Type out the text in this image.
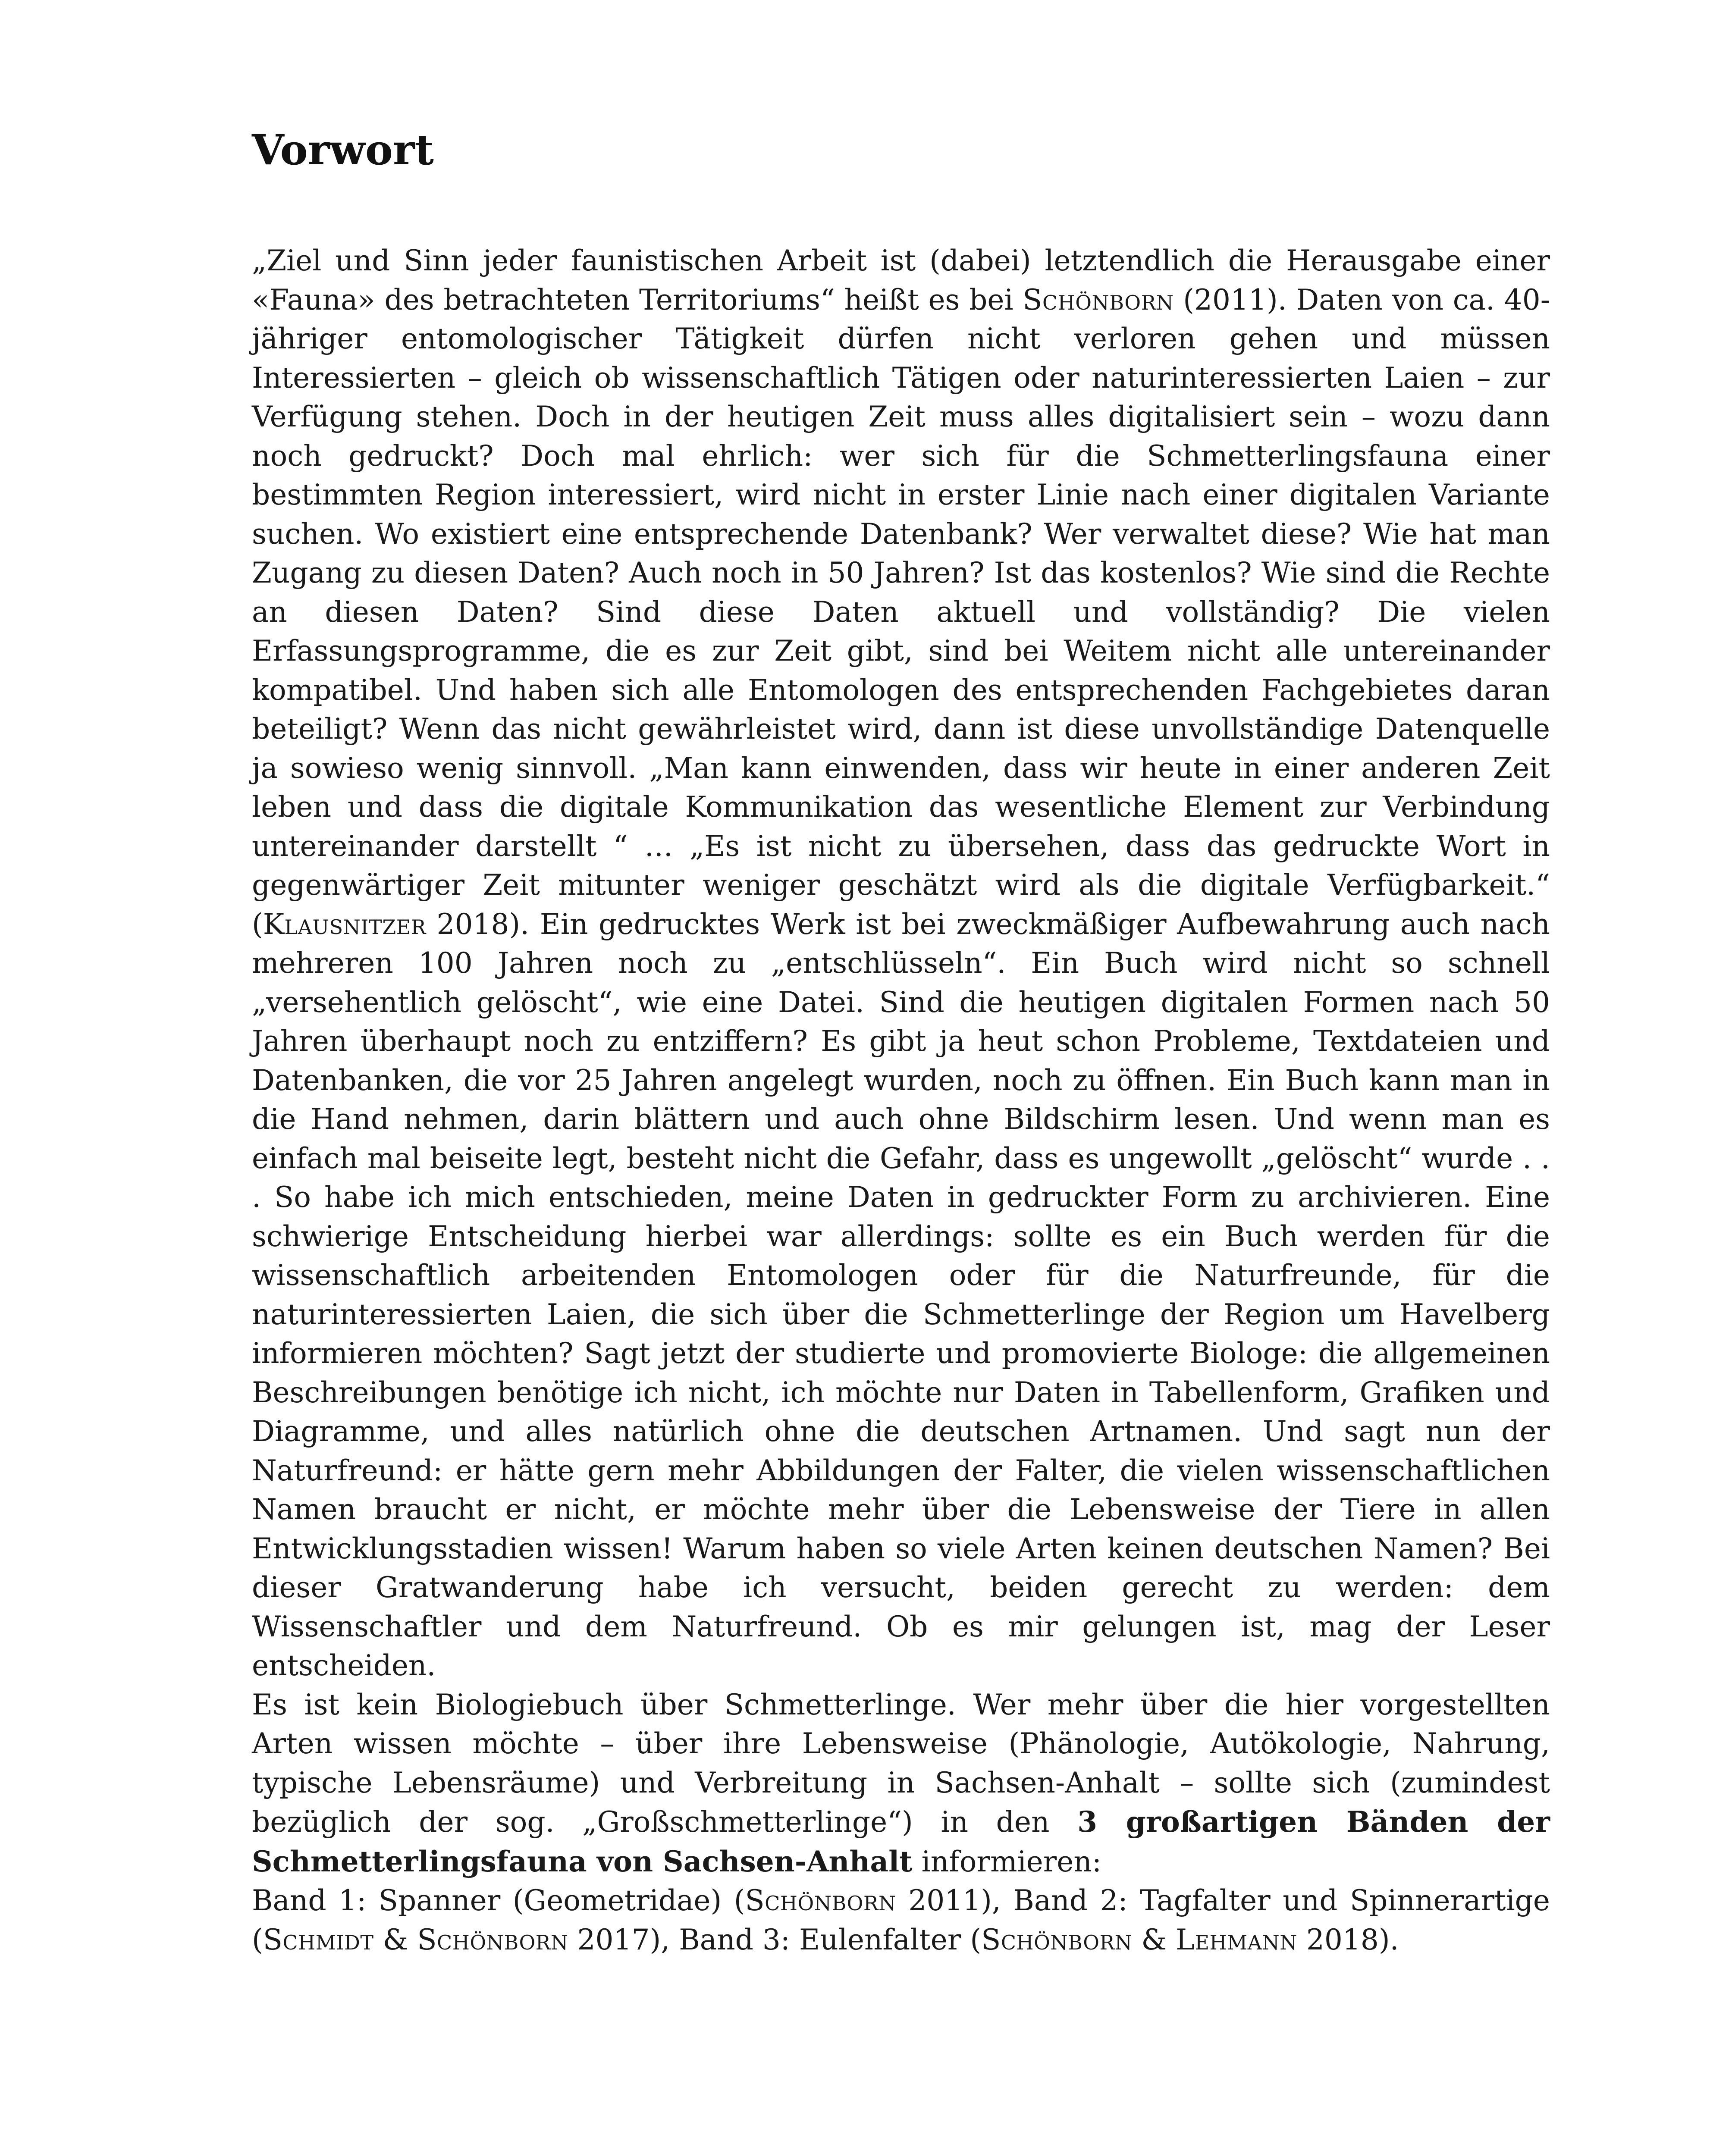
Vorwort

„Ziel und Sinn jeder faunistischen Arbeit ist (dabei) letztendlich die Herausgabe einer «Fauna» des betrachteten Territoriums“ heißt es bei Schönborn (2011). Daten von ca. 40-jähriger entomologischer Tätigkeit dürfen nicht verloren gehen und müssen Interessierten – gleich ob wissenschaftlich Tätigen oder naturinteressierten Laien – zur Verfügung stehen. Doch in der heutigen Zeit muss alles digitalisiert sein – wozu dann noch gedruckt? Doch mal ehrlich: wer sich für die Schmetterlingsfauna einer bestimmten Region interessiert, wird nicht in erster Linie nach einer digitalen Variante suchen. Wo existiert eine entsprechende Datenbank? Wer verwaltet diese? Wie hat man Zugang zu diesen Daten? Auch noch in 50 Jahren? Ist das kostenlos? Wie sind die Rechte an diesen Daten? Sind diese Daten aktuell und vollständig? Die vielen Erfassungsprogramme, die es zur Zeit gibt, sind bei Weitem nicht alle untereinander kompatibel. Und haben sich alle Entomologen des entsprechenden Fachgebietes daran beteiligt? Wenn das nicht gewährleistet wird, dann ist diese unvollständige Datenquelle ja sowieso wenig sinnvoll. „Man kann einwenden, dass wir heute in einer anderen Zeit leben und dass die digitale Kommunikation das wesentliche Element zur Verbindung untereinander darstellt “ … „Es ist nicht zu übersehen, dass das gedruckte Wort in gegenwärtiger Zeit mitunter weniger geschätzt wird als die digitale Verfügbarkeit.“ (Klausnitzer 2018). Ein gedrucktes Werk ist bei zweckmäßiger Aufbewahrung auch nach mehreren 100 Jahren noch zu „entschlüsseln“. Ein Buch wird nicht so schnell „versehentlich gelöscht“, wie eine Datei. Sind die heutigen digitalen Formen nach 50 Jahren überhaupt noch zu entziffern? Es gibt ja heut schon Probleme, Textdateien und Datenbanken, die vor 25 Jahren angelegt wurden, noch zu öffnen. Ein Buch kann man in die Hand nehmen, darin blättern und auch ohne Bildschirm lesen. Und wenn man es einfach mal beiseite legt, besteht nicht die Gefahr, dass es ungewollt „gelöscht“ wurde . . . So habe ich mich entschieden, meine Daten in gedruckter Form zu archivieren. Eine schwierige Entscheidung hierbei war allerdings: sollte es ein Buch werden für die wissenschaftlich arbeitenden Entomologen oder für die Naturfreunde, für die naturinteressierten Laien, die sich über die Schmetterlinge der Region um Havelberg informieren möchten? Sagt jetzt der studierte und promovierte Biologe: die allgemeinen Beschreibungen benötige ich nicht, ich möchte nur Daten in Tabellenform, Grafiken und Diagramme, und alles natürlich ohne die deutschen Artnamen. Und sagt nun der Naturfreund: er hätte gern mehr Abbildungen der Falter, die vielen wissenschaftlichen Namen braucht er nicht, er möchte mehr über die Lebensweise der Tiere in allen Entwicklungsstadien wissen! Warum haben so viele Arten keinen deutschen Namen? Bei dieser Gratwanderung habe ich versucht, beiden gerecht zu werden: dem Wissenschaftler und dem Naturfreund. Ob es mir gelungen ist, mag der Leser entscheiden.

Es ist kein Biologiebuch über Schmetterlinge. Wer mehr über die hier vorgestellten Arten wissen möchte – über ihre Lebensweise (Phänologie, Autökologie, Nahrung, typische Lebensräume) und Verbreitung in Sachsen-Anhalt – sollte sich (zumindest bezüglich der sog. „Großschmetterlinge“) in den 3 großartigen Bänden der Schmetterlingsfauna von Sachsen-Anhalt informieren:

Band 1: Spanner (Geometridae) (Schönborn 2011), Band 2: Tagfalter und Spinnerartige (Schmidt & Schönborn 2017), Band 3: Eulenfalter (Schönborn & Lehmann 2018).
